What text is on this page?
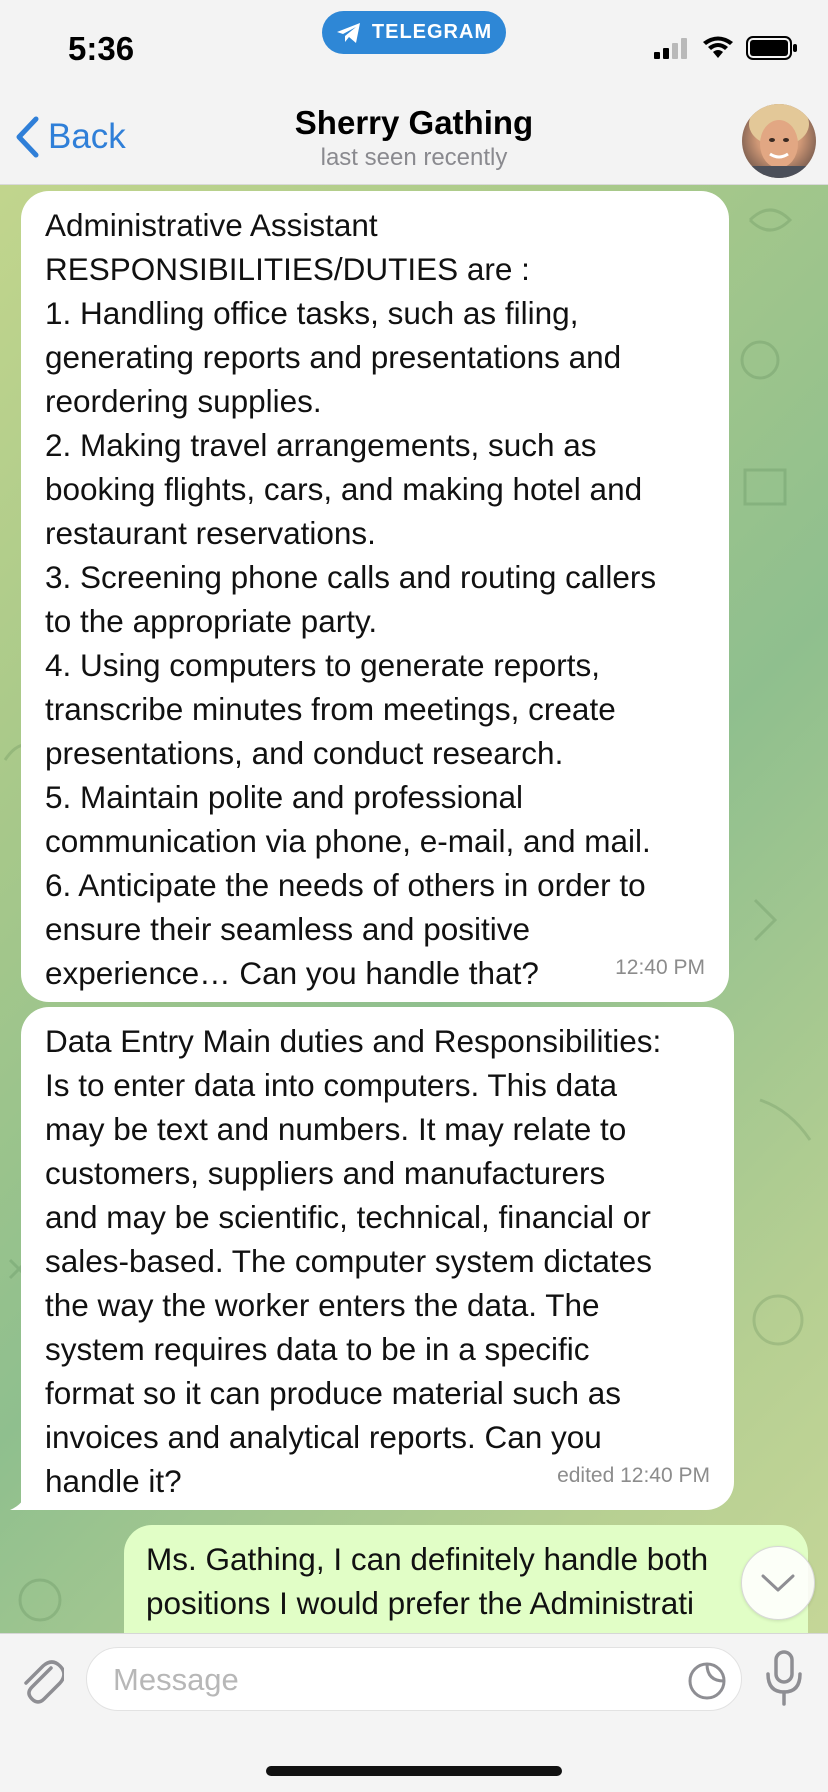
5:36	TELEGRAM
Back	Sherry Gathing
last seen recently
Administrative Assistant
RESPONSIBILITIES/DUTIES are :
1. Handling office tasks, such as filing,
generating reports and presentations and
reordering supplies.
2. Making travel arrangements, such as
booking flights, cars, and making hotel and
restaurant reservations.
3. Screening phone calls and routing callers
to the appropriate party.
4. Using computers to generate reports,
transcribe minutes from meetings, create
presentations, and conduct research.
5. Maintain polite and professional
communication via phone, e-mail, and mail.
6. Anticipate the needs of others in order to
ensure their seamless and positive
experience… Can you handle that?	12:40 PM
Data Entry Main duties and Responsibilities:
Is to enter data into computers. This data
may be text and numbers. It may relate to
customers, suppliers and manufacturers
and may be scientific, technical, financial or
sales-based. The computer system dictates
the way the worker enters the data. The
system requires data to be in a specific
format so it can produce material such as
invoices and analytical reports. Can you
handle it?	edited 12:40 PM
Ms. Gathing, I can definitely handle both
positions I would prefer the Administrati

Message
